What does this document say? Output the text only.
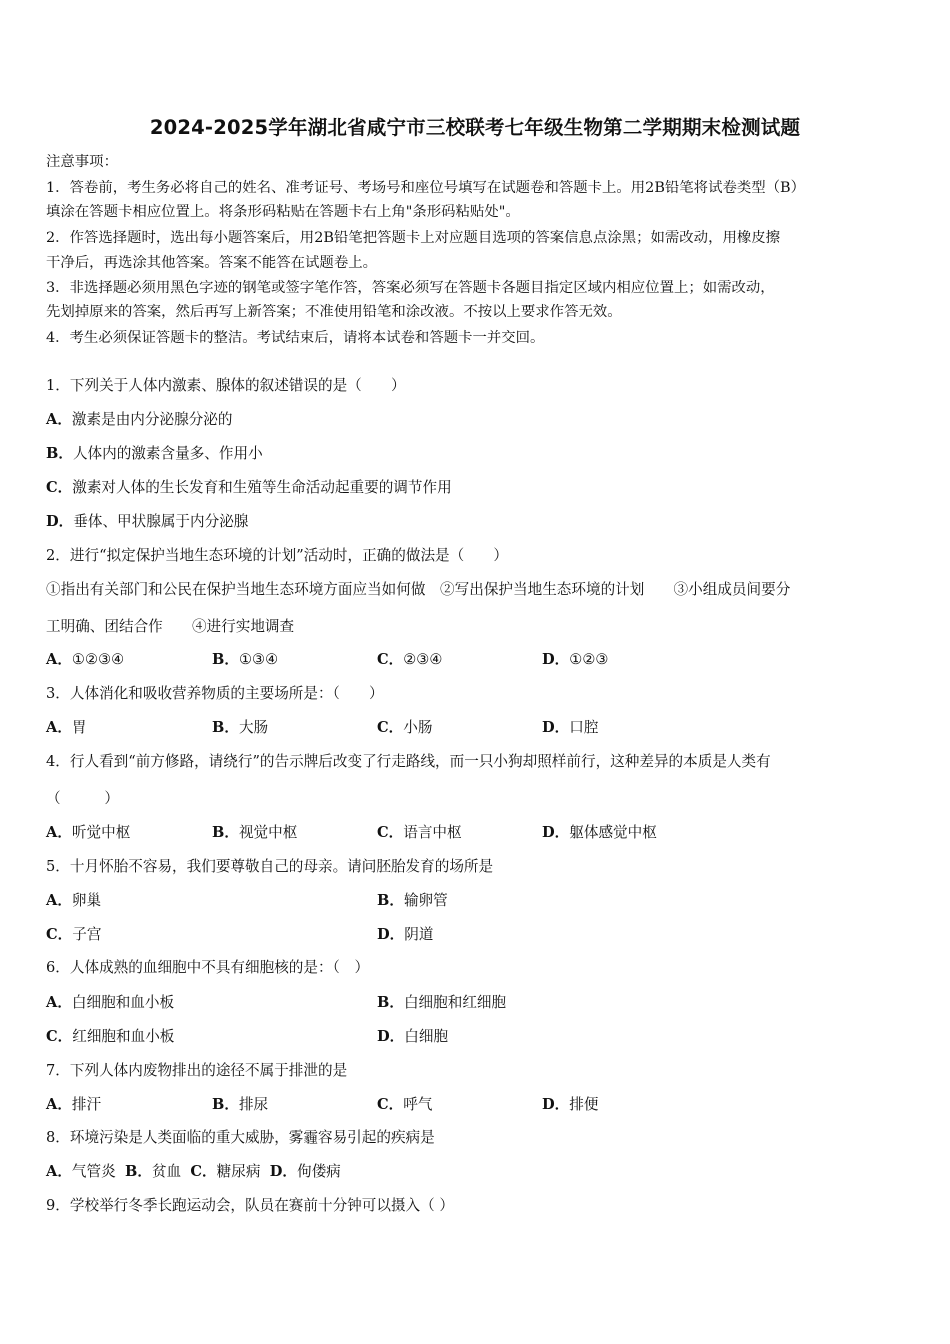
2024-2025学年湖北省咸宁市三校联考七年级生物第二学期期末检测试题
注意事项：
1．答卷前，考生务必将自己的姓名、准考证号、考场号和座位号填写在试题卷和答题卡上。用2B铅笔将试卷类型（B）
填涂在答题卡相应位置上。将条形码粘贴在答题卡右上角"条形码粘贴处"。
2．作答选择题时，选出每小题答案后，用2B铅笔把答题卡上对应题目选项的答案信息点涂黑；如需改动，用橡皮擦
干净后，再选涂其他答案。答案不能答在试题卷上。
3．非选择题必须用黑色字迹的钢笔或签字笔作答，答案必须写在答题卡各题目指定区域内相应位置上；如需改动，
先划掉原来的答案，然后再写上新答案；不准使用铅笔和涂改液。不按以上要求作答无效。
4．考生必须保证答题卡的整洁。考试结束后，请将本试卷和答题卡一并交回。
1．下列关于人体内激素、腺体的叙述错误的是（　　）
A．激素是由内分泌腺分泌的
B．人体内的激素含量多、作用小
C．激素对人体的生长发育和生殖等生命活动起重要的调节作用
D．垂体、甲状腺属于内分泌腺
2．进行“拟定保护当地生态环境的计划”活动时，正确的做法是（　　）
①指出有关部门和公民在保护当地生态环境方面应当如何做　②写出保护当地生态环境的计划　　③小组成员间要分
工明确、团结合作　　④进行实地调查
A．①②③④	B．①③④	C．②③④	D．①②③
3．人体消化和吸收营养物质的主要场所是：（　　）
A．胃	B．大肠	C．小肠	D．口腔
4．行人看到“前方修路，请绕行”的告示牌后改变了行走路线，而一只小狗却照样前行，这种差异的本质是人类有
（　　　）
A．听觉中枢	B．视觉中枢	C．语言中枢	D．躯体感觉中枢
5．十月怀胎不容易，我们要尊敬自己的母亲。请问胚胎发育的场所是
A．卵巢	B．输卵管
C．子宫	D．阴道
6．人体成熟的血细胞中不具有细胞核的是：（　）
A．白细胞和血小板	B．白细胞和红细胞
C．红细胞和血小板	D．白细胞
7．下列人体内废物排出的途径不属于排泄的是
A．排汗	B．排尿	C．呼气	D．排便
8．环境污染是人类面临的重大威胁，雾霾容易引起的疾病是
A．气管炎 B．贫血 C．糖尿病 D．佝偻病
9．学校举行冬季长跑运动会，队员在赛前十分钟可以摄入（ ）
